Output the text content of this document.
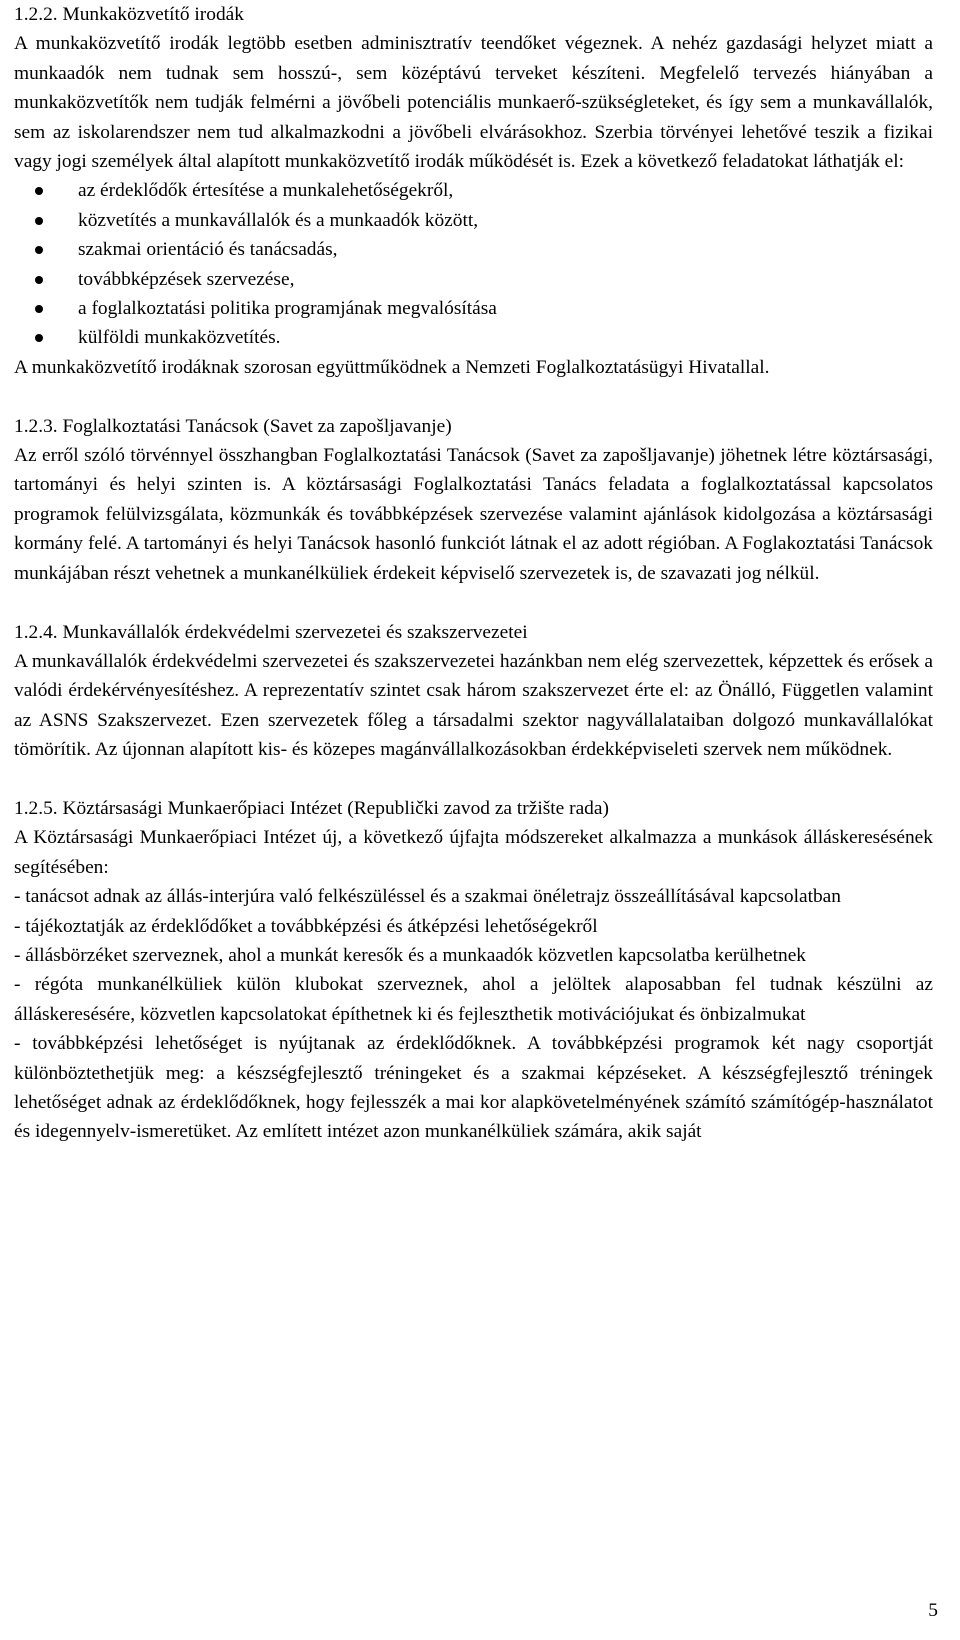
1.2.2. Munkaközvetítő irodák

A munkaközvetítő irodák legtöbb esetben adminisztratív teendőket végeznek. A nehéz gazdasági helyzet miatt a munkaadók nem tudnak sem hosszú-, sem középtávú terveket készíteni. Megfelelő tervezés hiányában a munkaközvetítők nem tudják felmérni a jövőbeli potenciális munkaerő-szükségleteket, és így sem a munkavállalók, sem az iskolarendszer nem tud alkalmazkodni a jövőbeli elvárásokhoz. Szerbia törvényei lehetővé teszik a fizikai vagy jogi személyek által alapított munkaközvetítő irodák működését is. Ezek a következő feladatokat láthatják el:

az érdeklődők értesítése a munkalehetőségekről,
közvetítés a munkavállalók és a munkaadók között,
szakmai orientáció és tanácsadás,
továbbképzések szervezése,
a foglalkoztatási politika programjának megvalósítása
külföldi munkaközvetítés.

A munkaközvetítő irodáknak szorosan együttműködnek a Nemzeti Foglalkoztatásügyi Hivatallal.

1.2.3. Foglalkoztatási Tanácsok (Savet za zapošljavanje)

Az erről szóló törvénnyel összhangban Foglalkoztatási Tanácsok (Savet za zapošljavanje) jöhetnek létre köztársasági, tartományi és helyi szinten is. A köztársasági Foglalkoztatási Tanács feladata a foglalkoztatással kapcsolatos programok felülvizsgálata, közmunkák és továbbképzések szervezése valamint ajánlások kidolgozása a köztársasági kormány felé. A tartományi és helyi Tanácsok hasonló funkciót látnak el az adott régióban. A Foglakoztatási Tanácsok munkájában részt vehetnek a munkanélküliek érdekeit képviselő szervezetek is, de szavazati jog nélkül.

1.2.4. Munkavállalók érdekvédelmi szervezetei és szakszervezetei

A munkavállalók érdekvédelmi szervezetei és szakszervezetei hazánkban nem elég szervezettek, képzettek és erősek a valódi érdekérvényesítéshez. A reprezentatív szintet csak három szakszervezet érte el: az Önálló, Független valamint az ASNS Szakszervezet. Ezen szervezetek főleg a társadalmi szektor nagyvállalataiban dolgozó munkavállalókat tömörítik. Az újonnan alapított kis- és közepes magánvállalkozásokban érdekképviseleti szervek nem működnek.

1.2.5. Köztársasági Munkaerőpiaci Intézet (Republički zavod za tržište rada)

A Köztársasági Munkaerőpiaci Intézet új, a következő újfajta módszereket alkalmazza a munkások álláskeresésének segítésében:

- tanácsot adnak az állás-interjúra való felkészüléssel és a szakmai önéletrajz összeállításával kapcsolatban

- tájékoztatják az érdeklődőket a továbbképzési és átképzési lehetőségekről

- állásbörzéket szerveznek, ahol a munkát keresők és a munkaadók közvetlen kapcsolatba kerülhetnek

- régóta munkanélküliek külön klubokat szerveznek, ahol a jelöltek alaposabban fel tudnak készülni az álláskeresésére, közvetlen kapcsolatokat építhetnek ki és fejleszthetik motivációjukat és önbizalmukat

- továbbképzési lehetőséget is nyújtanak az érdeklődőknek. A továbbképzési programok két nagy csoportját különböztethetjük meg: a készségfejlesztő tréningeket és a szakmai képzéseket. A készségfejlesztő tréningek lehetőséget adnak az érdeklődőknek, hogy fejlesszék a mai kor alapkövetelményének számító számítógép-használatot és idegennyelv-ismeretüket. Az említett intézet azon munkanélküliek számára, akik saját

5
